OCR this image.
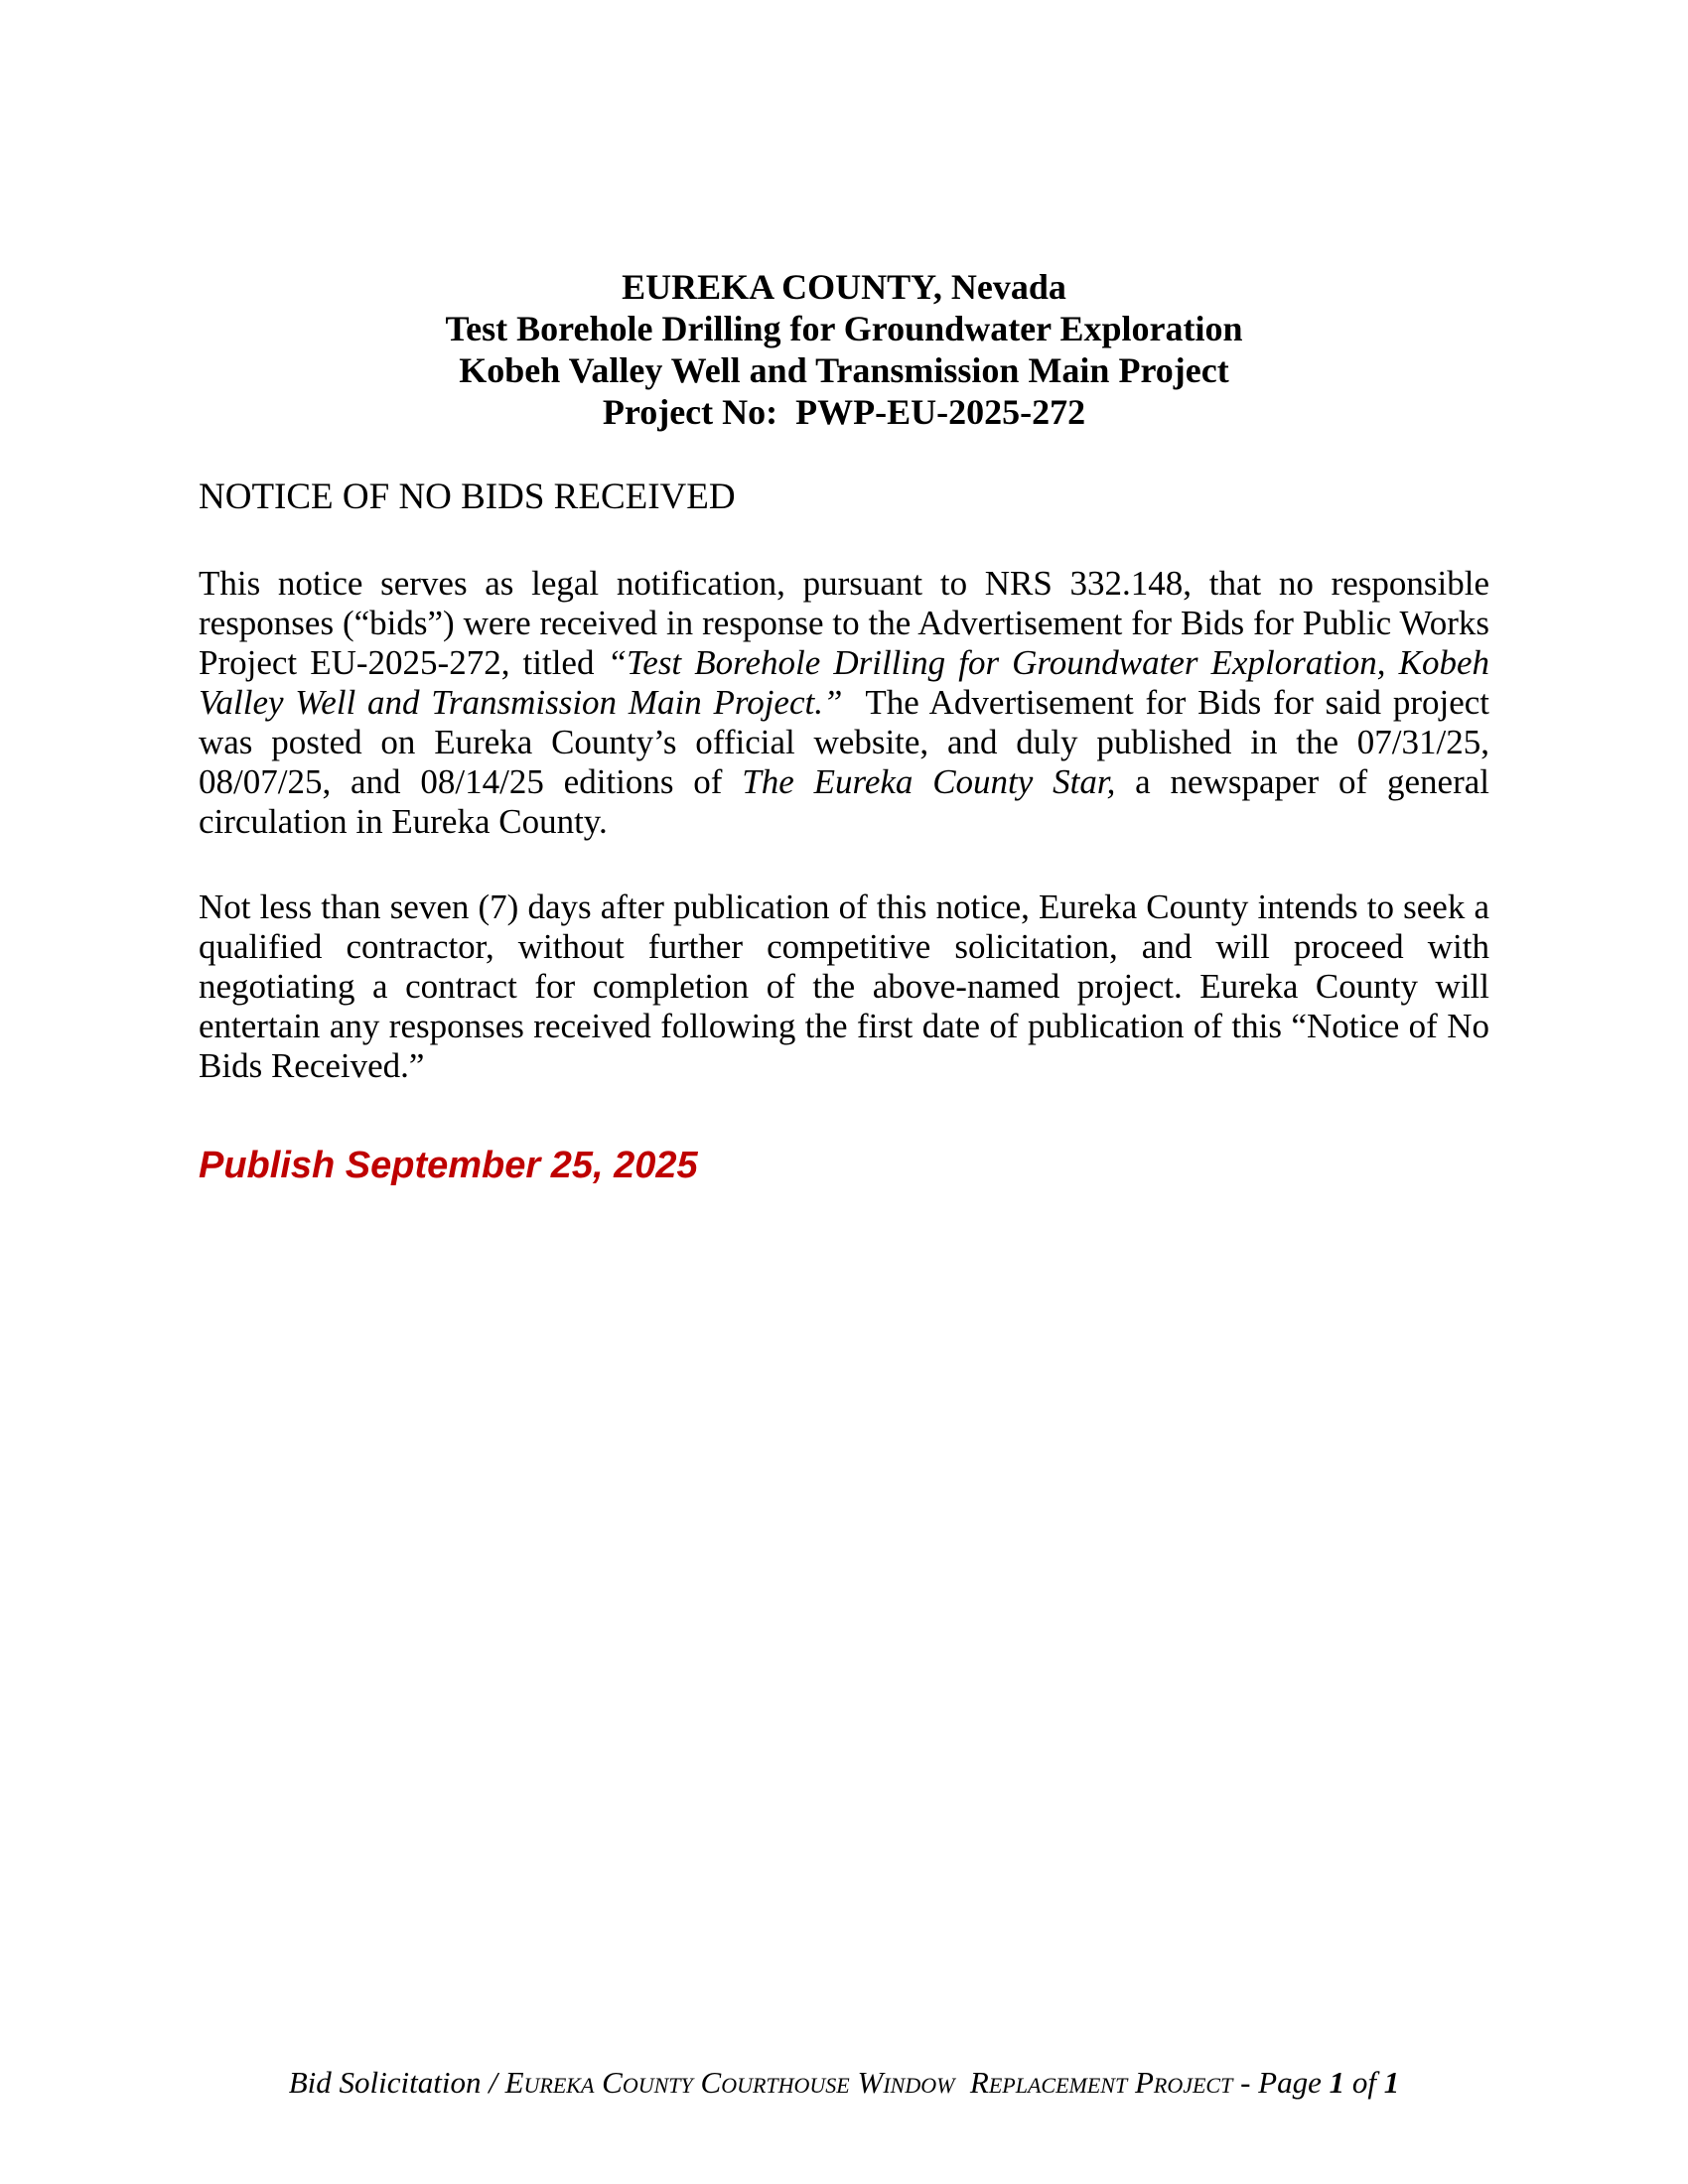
EUREKA COUNTY, Nevada
Test Borehole Drilling for Groundwater Exploration
Kobeh Valley Well and Transmission Main Project
Project No:  PWP-EU-2025-272
NOTICE OF NO BIDS RECEIVED

This notice serves as legal notification, pursuant to NRS 332.148, that no responsible responses (“bids”) were received in response to the Advertisement for Bids for Public Works Project EU-2025-272, titled “Test Borehole Drilling for Groundwater Exploration, Kobeh Valley Well and Transmission Main Project.”  The Advertisement for Bids for said project was posted on Eureka County’s official website, and duly published in the 07/31/25, 08/07/25, and 08/14/25 editions of The Eureka County Star, a newspaper of general circulation in Eureka County.

Not less than seven (7) days after publication of this notice, Eureka County intends to seek a qualified contractor, without further competitive solicitation, and will proceed with negotiating a contract for completion of the above-named project. Eureka County will entertain any responses received following the first date of publication of this “Notice of No Bids Received.”

Publish September 25, 2025
Bid Solicitation / Eureka County Courthouse Window  Replacement Project - Page 1 of 1
